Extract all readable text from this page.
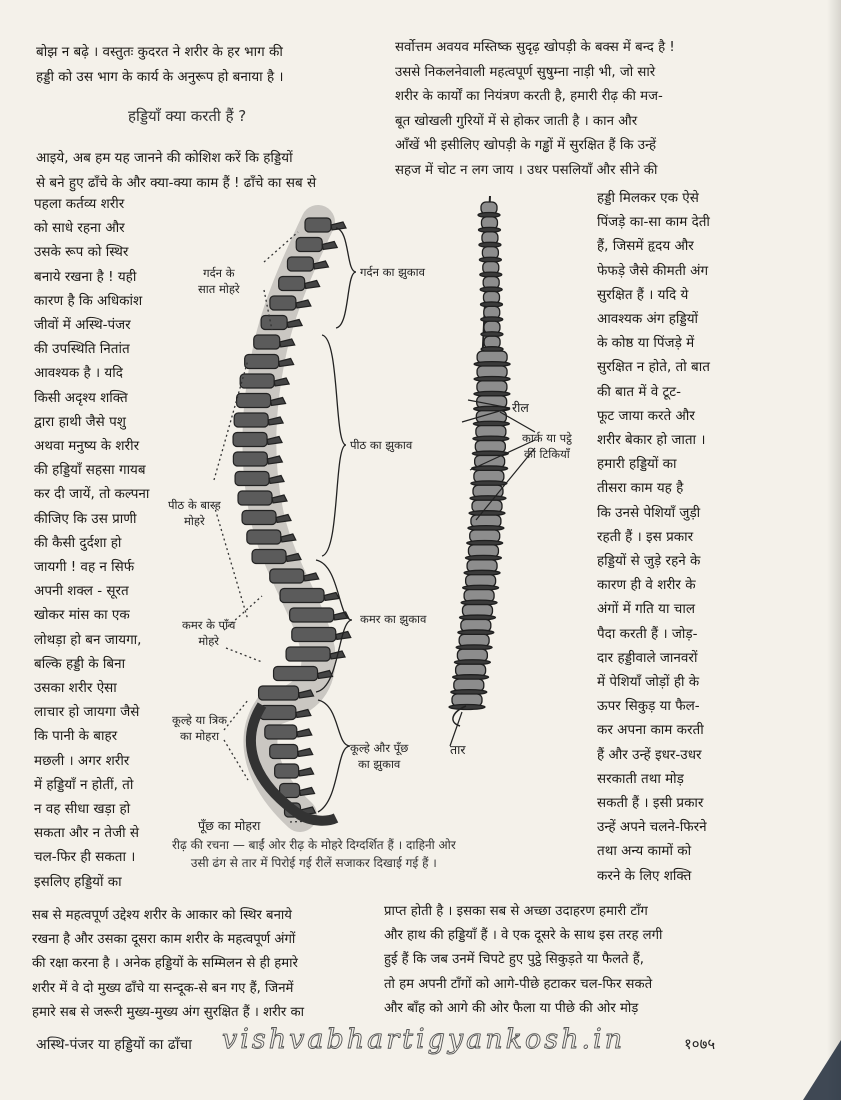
बोझ न बढ़े । वस्तुतः कुदरत ने शरीर के हर भाग की

हड्डी को उस भाग के कार्य के अनुरूप हो बनाया है ।

हड्डियाँ क्या करती हैं ?

आइये, अब हम यह जानने की कोशिश करें कि हड्डियों

से बने हुए ढाँचे के और क्या-क्या काम हैं ! ढाँचे का सब से

पहला कर्तव्य शरीर

को साधे रहना और

उसके रूप को स्थिर

बनाये रखना है ! यही

कारण है कि अधिकांश

जीवों में अस्थि-पंजर

की उपस्थिति नितांत

आवश्यक है । यदि

किसी अदृश्य शक्ति

द्वारा हाथी जैसे पशु

अथवा मनुष्य के शरीर

की हड्डियाँ सहसा गायब

कर दी जायें, तो कल्पना

कीजिए कि उस प्राणी

की कैसी दुर्दशा हो

जायगी ! वह न सिर्फ

अपनी शक्ल - सूरत

खोकर मांस का एक

लोथड़ा हो बन जायगा,

बल्कि हड्डी के बिना

उसका शरीर ऐसा

लाचार हो जायगा जैसे

कि पानी के बाहर

मछली । अगर शरीर

में हड्डियाँ न होतीं, तो

न वह सीधा खड़ा हो

सकता और न तेजी से

चल-फिर ही सकता ।

इसलिए हड्डियों का

सर्वोत्तम अवयव मस्तिष्क सुदृढ़ खोपड़ी के बक्स में बन्द है !

उससे निकलनेवाली महत्वपूर्ण सुषुम्ना नाड़ी भी, जो सारे

शरीर के कार्यों का नियंत्रण करती है, हमारी रीढ़ की मज-

बूत खोखली गुरियों में से होकर जाती है । कान और

आँखें भी इसीलिए खोपड़ी के गड्ढों में सुरक्षित हैं कि उन्हें

सहज में चोट न लग जाय । उधर पसलियाँ और सीने की

हड्डी मिलकर एक ऐसे

पिंजड़े का-सा काम देती

हैं, जिसमें हृदय और

फेफड़े जैसे कीमती अंग

सुरक्षित हैं । यदि ये

आवश्यक अंग हड्डियों

के कोष्ठ या पिंजड़े में

सुरक्षित न होते, तो बात

की बात में वे टूट-

फूट जाया करते और

शरीर बेकार हो जाता ।

हमारी हड्डियों का

तीसरा काम यह है

कि उनसे पेशियाँ जुड़ी

रहती हैं । इस प्रकार

हड्डियों से जुड़े रहने के

कारण ही वे शरीर के

अंगों में गति या चाल

पैदा करती हैं । जोड़-

दार हड्डीवाले जानवरों

में पेशियाँ जोड़ों ही के

ऊपर सिकुड़ या फैल-

कर अपना काम करती

हैं और उन्हें इधर-उधर

सरकाती तथा मोड़

सकती हैं । इसी प्रकार

उन्हें अपने चलने-फिरने

तथा अन्य कामों को

करने के लिए शक्ति

गर्दन के
सात मोहरे
गर्दन का झुकाव
पीठ का झुकाव
पीठ के बारह
मोहरे
कमर के पाँच
मोहरे
कमर का झुकाव
कूल्हे या त्रिक
का मोहरा
कूल्हे और पूँछ
का झुकाव
पूँछ का मोहरा
रील
कार्क या पट्ठे
की टिकियाँ
तार
रीढ़ की रचना — बाईं ओर रीढ़ के मोहरे दिग्दर्शित हैं । दाहिनी ओर
उसी ढंग से तार में पिरोई गई रीलें सजाकर दिखाई गई हैं ।

सब से महत्वपूर्ण उद्देश्य शरीर के आकार को स्थिर बनाये

रखना है और उसका दूसरा काम शरीर के महत्वपूर्ण अंगों

की रक्षा करना है । अनेक हड्डियों के सम्मिलन से ही हमारे

शरीर में वे दो मुख्य ढाँचे या सन्दूक-से बन गए हैं, जिनमें

हमारे सब से जरूरी मुख्य-मुख्य अंग सुरक्षित हैं । शरीर का

प्राप्त होती है । इसका सब से अच्छा उदाहरण हमारी टाँग

और हाथ की हड्डियाँ हैं । वे एक दूसरे के साथ इस तरह लगी

हुई हैं कि जब उनमें चिपटे हुए पुट्ठे सिकुड़ते या फैलते हैं,

तो हम अपनी टाँगों को आगे-पीछे हटाकर चल-फिर सकते

और बाँह को आगे की ओर फैला या पीछे की ओर मोड़

अस्थि-पंजर या हड्डियों का ढाँचा vishvabhartigyankosh.in	१०७५
